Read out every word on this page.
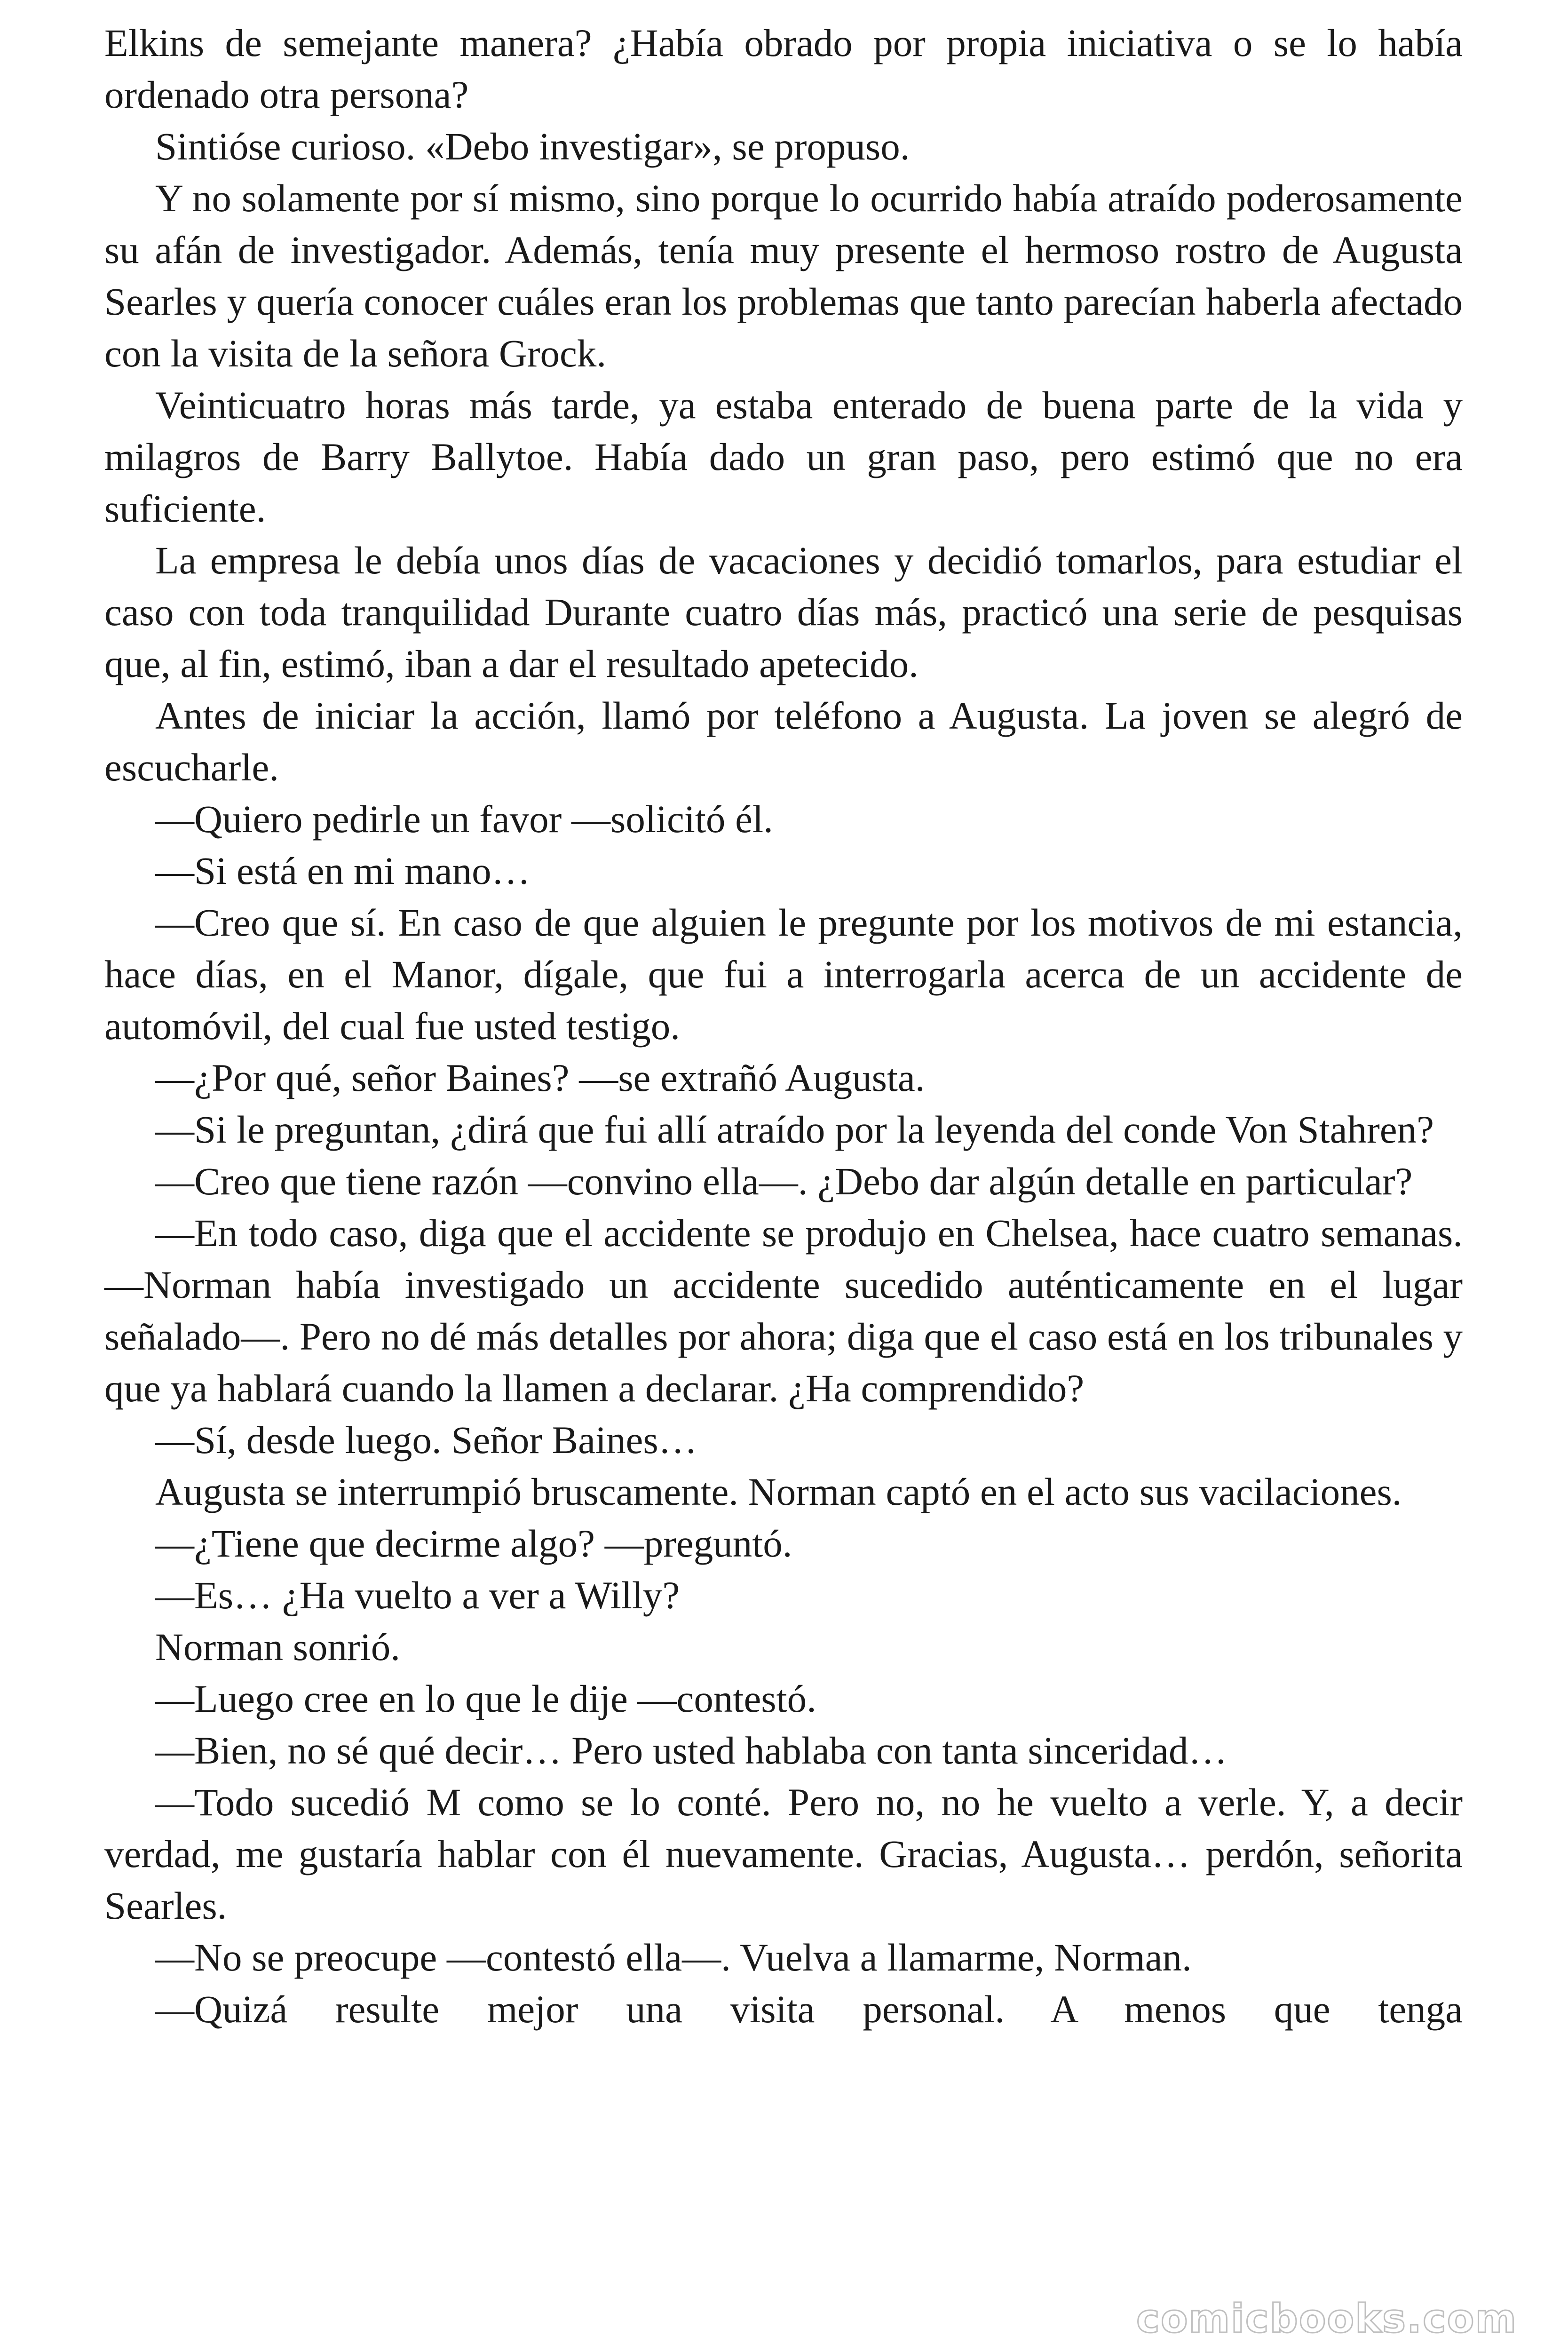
Elkins de semejante manera? ¿Había obrado por propia iniciativa o se lo había ordenado otra persona?

Sintióse curioso. «Debo investigar», se propuso.

Y no solamente por sí mismo, sino porque lo ocurrido había atraído poderosamente su afán de investigador. Además, tenía muy presente el hermoso rostro de Augusta Searles y quería conocer cuáles eran los problemas que tanto parecían haberla afectado con la visita de la señora Grock.

Veinticuatro horas más tarde, ya estaba enterado de buena parte de la vida y milagros de Barry Ballytoe. Había dado un gran paso, pero estimó que no era suficiente.

La empresa le debía unos días de vacaciones y decidió tomarlos, para estudiar el caso con toda tranquilidad Durante cuatro días más, practicó una serie de pesquisas que, al fin, estimó, iban a dar el resultado apetecido.

Antes de iniciar la acción, llamó por teléfono a Augusta. La joven se alegró de escucharle.

—Quiero pedirle un favor —solicitó él.

—Si está en mi mano…

—Creo que sí. En caso de que alguien le pregunte por los motivos de mi estancia, hace días, en el Manor, dígale, que fui a interrogarla acerca de un accidente de automóvil, del cual fue usted testigo.

—¿Por qué, señor Baines? —se extrañó Augusta.

—Si le preguntan, ¿dirá que fui allí atraído por la leyenda del conde Von Stahren?

—Creo que tiene razón —convino ella—. ¿Debo dar algún detalle en particular?

—En todo caso, diga que el accidente se produjo en Chelsea, hace cuatro semanas. —Norman había investigado un accidente sucedido auténticamente en el lugar señalado—. Pero no dé más detalles por ahora; diga que el caso está en los tribunales y que ya hablará cuando la llamen a declarar. ¿Ha comprendido?

—Sí, desde luego. Señor Baines…

Augusta se interrumpió bruscamente. Norman captó en el acto sus vacilaciones.

—¿Tiene que decirme algo? —preguntó.

—Es… ¿Ha vuelto a ver a Willy?

Norman sonrió.

—Luego cree en lo que le dije —contestó.

—Bien, no sé qué decir… Pero usted hablaba con tanta sinceridad…

—Todo sucedió M como se lo conté. Pero no, no he vuelto a verle. Y, a decir verdad, me gustaría hablar con él nuevamente. Gracias, Augusta… perdón, señorita Searles.

—No se preocupe —contestó ella—. Vuelva a llamarme, Norman.

—Quizá resulte mejor una visita personal. A menos que tenga

comicbooks.com
